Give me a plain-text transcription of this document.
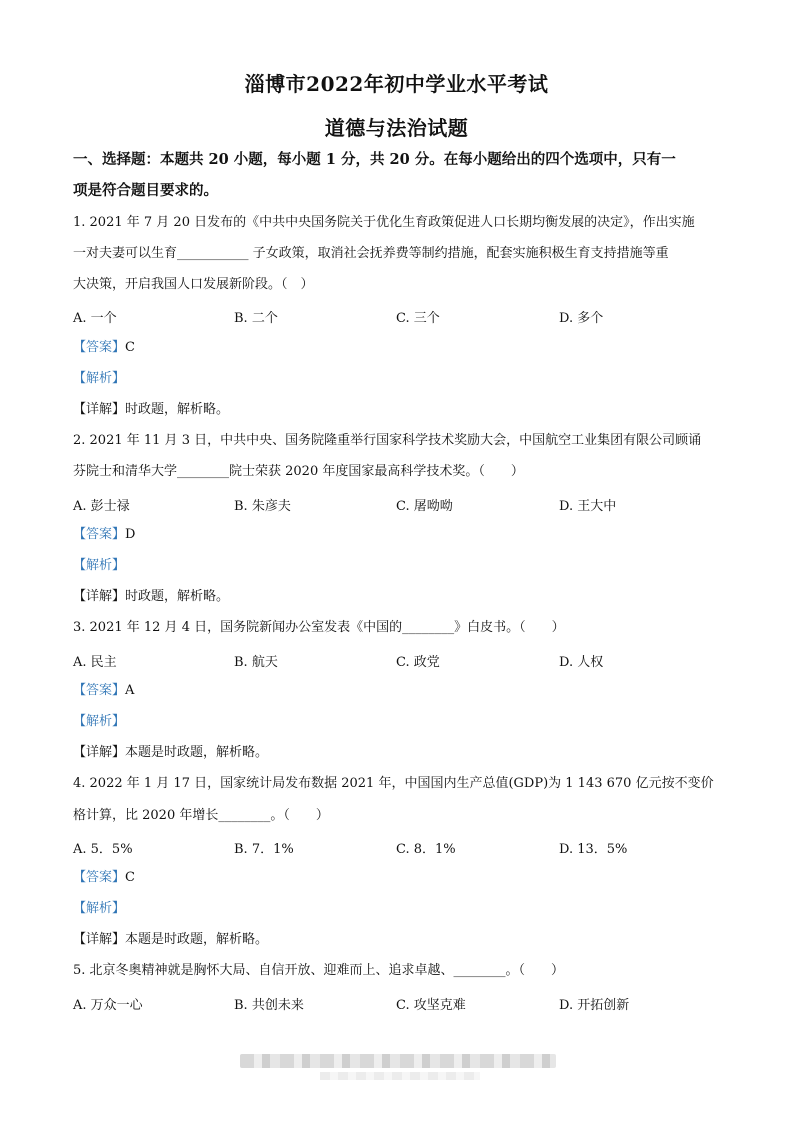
淄博市2022年初中学业水平考试
道德与法治试题
一、选择题：本题共 20 小题，每小题 1 分，共 20 分。在每小题给出的四个选项中，只有一
项是符合题目要求的。
1. 2021 年 7 月 20 日发布的《中共中央国务院关于优化生育政策促进人口长期均衡发展的决定》，作出实施
一对夫妻可以生育___________ 子女政策，取消社会抚养费等制约措施，配套实施积极生育支持措施等重
大决策，开启我国人口发展新阶段。（　）
A. 一个	B. 二个	C. 三个	D. 多个
【答案】C
【解析】
【详解】时政题，解析略。
2. 2021 年 11 月 3 日，中共中央、国务院隆重举行国家科学技术奖励大会，中国航空工业集团有限公司顾诵
芬院士和清华大学________院士荣获 2020 年度国家最高科学技术奖。（　　）
A. 彭士禄	B. 朱彦夫	C. 屠呦呦	D. 王大中
【答案】D
【解析】
【详解】时政题，解析略。
3. 2021 年 12 月 4 日，国务院新闻办公室发表《中国的________》白皮书。（　　）
A. 民主	B. 航天	C. 政党	D. 人权
【答案】A
【解析】
【详解】本题是时政题，解析略。
4. 2022 年 1 月 17 日，国家统计局发布数据 2021 年，中国国内生产总值(GDP)为 1 143 670 亿元按不变价
格计算，比 2020 年增长________。（　　）
A. 5．5%	B. 7．1%	C. 8．1%	D. 13．5%
【答案】C
【解析】
【详解】本题是时政题，解析略。
5. 北京冬奥精神就是胸怀大局、自信开放、迎难而上、追求卓越、________。（　　）
A. 万众一心	B. 共创未来	C. 攻坚克难	D. 开拓创新
